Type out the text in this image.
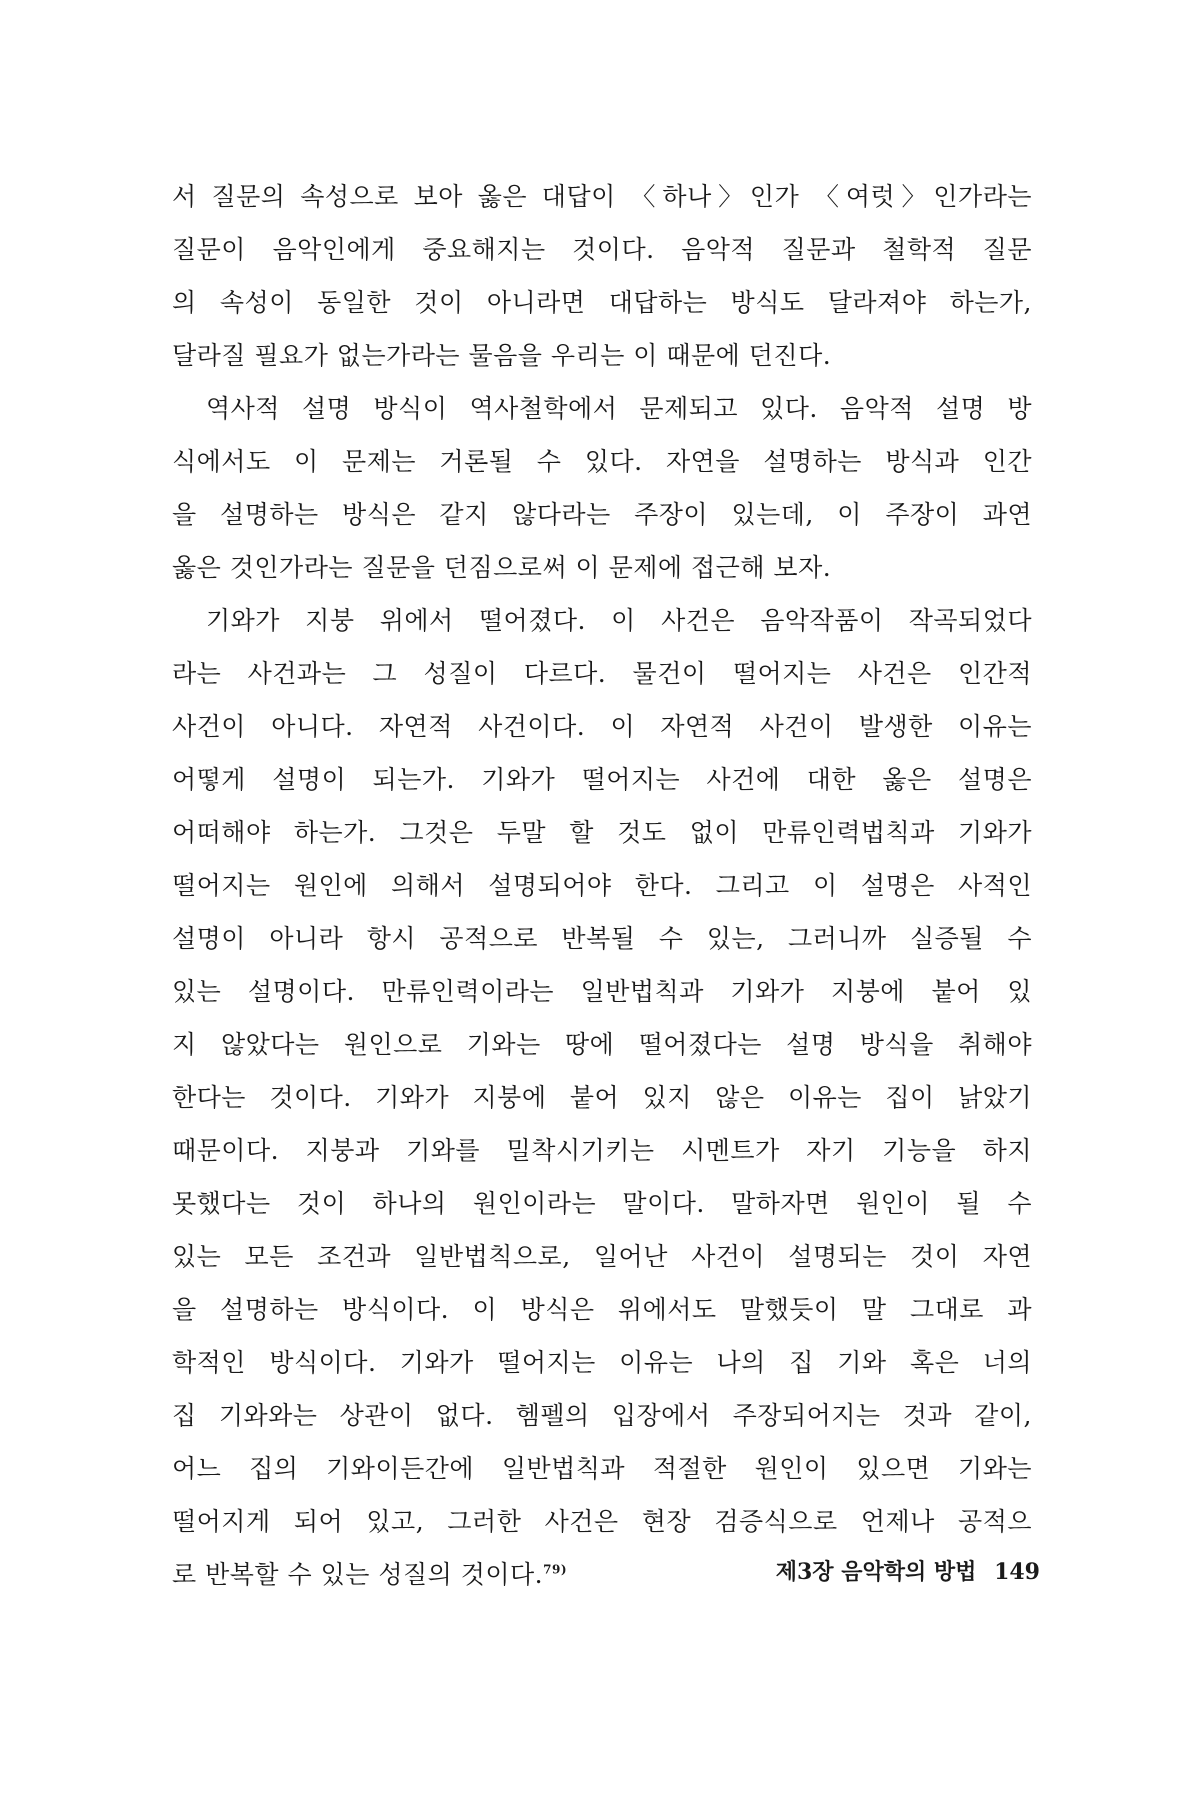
서 질문의 속성으로 보아 옳은 대답이 〈하나〉인가 〈여럿〉인가라는
질문이 음악인에게 중요해지는 것이다. 음악적 질문과 철학적 질문
의 속성이 동일한 것이 아니라면 대답하는 방식도 달라져야 하는가,
달라질 필요가 없는가라는 물음을 우리는 이 때문에 던진다.
역사적 설명 방식이 역사철학에서 문제되고 있다. 음악적 설명 방
식에서도 이 문제는 거론될 수 있다. 자연을 설명하는 방식과 인간
을 설명하는 방식은 같지 않다라는 주장이 있는데, 이 주장이 과연
옳은 것인가라는 질문을 던짐으로써 이 문제에 접근해 보자.
기와가 지붕 위에서 떨어졌다. 이 사건은 음악작품이 작곡되었다
라는 사건과는 그 성질이 다르다. 물건이 떨어지는 사건은 인간적
사건이 아니다. 자연적 사건이다. 이 자연적 사건이 발생한 이유는
어떻게 설명이 되는가. 기와가 떨어지는 사건에 대한 옳은 설명은
어떠해야 하는가. 그것은 두말 할 것도 없이 만류인력법칙과 기와가
떨어지는 원인에 의해서 설명되어야 한다. 그리고 이 설명은 사적인
설명이 아니라 항시 공적으로 반복될 수 있는, 그러니까 실증될 수
있는 설명이다. 만류인력이라는 일반법칙과 기와가 지붕에 붙어 있
지 않았다는 원인으로 기와는 땅에 떨어졌다는 설명 방식을 취해야
한다는 것이다. 기와가 지붕에 붙어 있지 않은 이유는 집이 낡았기
때문이다. 지붕과 기와를 밀착시기키는 시멘트가 자기 기능을 하지
못했다는 것이 하나의 원인이라는 말이다. 말하자면 원인이 될 수
있는 모든 조건과 일반법칙으로, 일어난 사건이 설명되는 것이 자연
을 설명하는 방식이다. 이 방식은 위에서도 말했듯이 말 그대로 과
학적인 방식이다. 기와가 떨어지는 이유는 나의 집 기와 혹은 너의
집 기와와는 상관이 없다. 헴펠의 입장에서 주장되어지는 것과 같이,
어느 집의 기와이든간에 일반법칙과 적절한 원인이 있으면 기와는
떨어지게 되어 있고, 그러한 사건은 현장 검증식으로 언제나 공적으
로 반복할 수 있는 성질의 것이다.$^{79)}$	제3장 음악학의 방법 149
